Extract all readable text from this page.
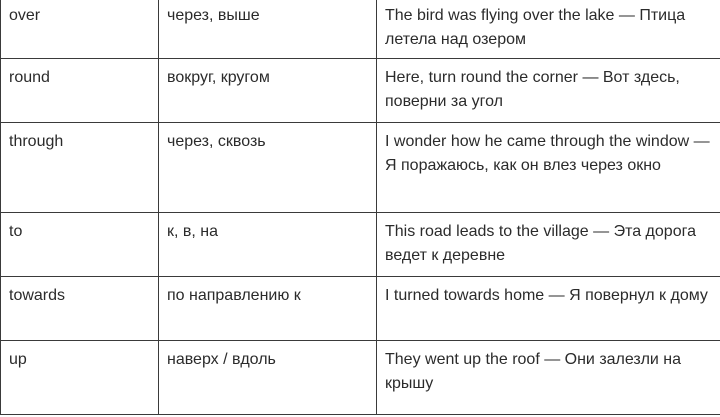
over	через, выше	The bird was flying over the lake — Птица летела над озером
round	вокруг, кругом	Here, turn round the corner — Вот здесь, поверни за угол
through	через, сквозь	I wonder how he came through the window — Я поражаюсь, как он влез через окно
to	к, в, на	This road leads to the village — Эта дорога ведет к деревне
towards	по направлению к	I turned towards home — Я повернул к дому
up	наверх / вдоль	They went up the roof — Они залезли на крышу
